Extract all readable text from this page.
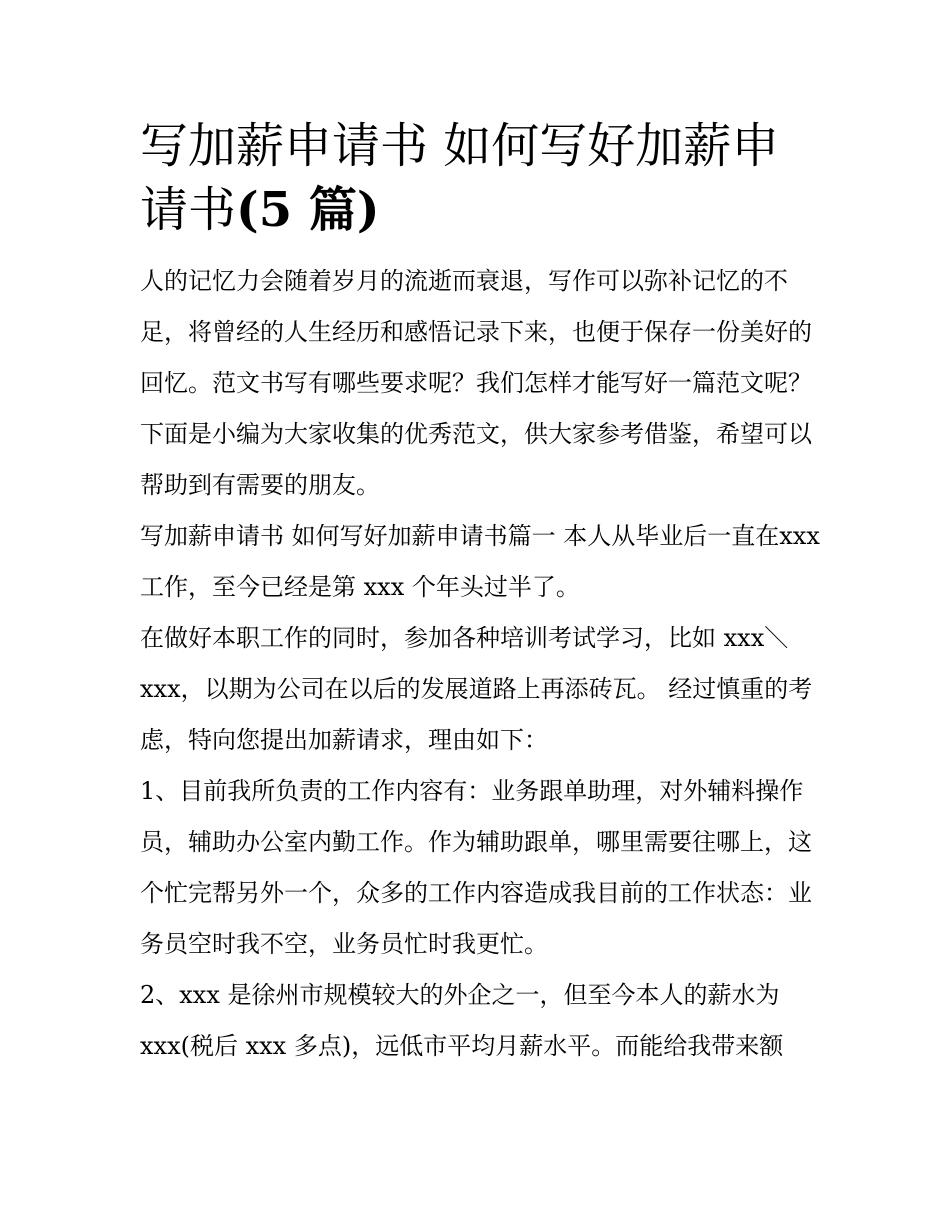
写加薪申请书 如何写好加薪申请书(5 篇)

人的记忆力会随着岁月的流逝而衰退，写作可以弥补记忆的不足，将曾经的人生经历和感悟记录下来，也便于保存一份美好的回忆。范文书写有哪些要求呢？我们怎样才能写好一篇范文呢？下面是小编为大家收集的优秀范文，供大家参考借鉴，希望可以帮助到有需要的朋友。

写加薪申请书 如何写好加薪申请书篇一 本人从毕业后一直在xxx 工作，至今已经是第 xxx 个年头过半了。

在做好本职工作的同时，参加各种培训考试学习，比如 xxx＼xxx，以期为公司在以后的发展道路上再添砖瓦。 经过慎重的考虑，特向您提出加薪请求，理由如下：

1、目前我所负责的工作内容有：业务跟单助理，对外辅料操作员，辅助办公室内勤工作。作为辅助跟单，哪里需要往哪上，这个忙完帮另外一个，众多的工作内容造成我目前的工作状态：业务员空时我不空，业务员忙时我更忙。

2、xxx 是徐州市规模较大的外企之一，但至今本人的薪水为xxx(税后 xxx 多点)，远低市平均月薪水平。而能给我带来额
